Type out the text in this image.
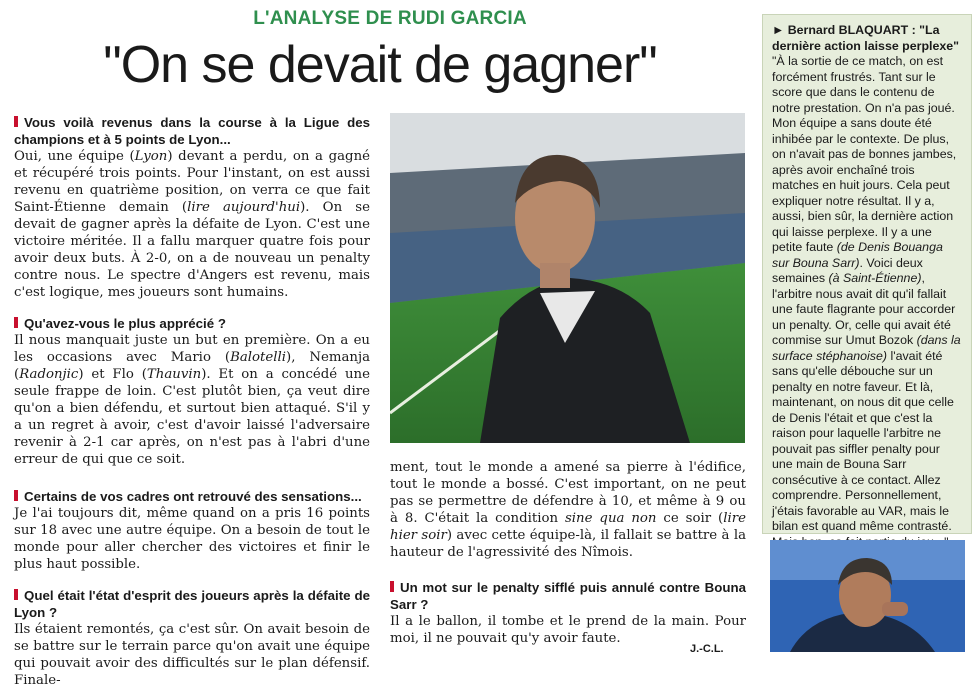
L'ANALYSE DE RUDI GARCIA
"On se devait de gagner"
Vous voilà revenus dans la course à la Ligue des champions et à 5 points de Lyon...

Oui, une équipe (Lyon) devant a perdu, on a gagné et récupéré trois points. Pour l'instant, on est aussi revenu en quatrième position, on verra ce que fait Saint-Étienne demain (lire aujourd'hui). On se devait de gagner après la défaite de Lyon. C'est une victoire méritée. Il a fallu marquer quatre fois pour avoir deux buts. À 2-0, on a de nouveau un penalty contre nous. Le spectre d'Angers est revenu, mais c'est logique, mes joueurs sont humains.

Qu'avez-vous le plus apprécié ?

Il nous manquait juste un but en première. On a eu les occasions avec Mario (Balotelli), Nemanja (Radonjic) et Flo (Thauvin). Et on a concédé une seule frappe de loin. C'est plutôt bien, ça veut dire qu'on a bien défendu, et surtout bien attaqué. S'il y a un regret à avoir, c'est d'avoir laissé l'adversaire revenir à 2-1 car après, on n'est pas à l'abri d'une erreur de qui que ce soit.

Certains de vos cadres ont retrouvé des sensations...

Je l'ai toujours dit, même quand on a pris 16 points sur 18 avec une autre équipe. On a besoin de tout le monde pour aller chercher des victoires et finir le plus haut possible.

Quel était l'état d'esprit des joueurs après la défaite de Lyon ?

Ils étaient remontés, ça c'est sûr. On avait besoin de se battre sur le terrain parce qu'on avait une équipe qui pouvait avoir des difficultés sur le plan défensif. Finale-

ment, tout le monde a amené sa pierre à l'édifice, tout le monde a bossé. C'est important, on ne peut pas se permettre de défendre à 10, et même à 9 ou à 8. C'était la condition sine qua non ce soir (lire hier soir) avec cette équipe-là, il fallait se battre à la hauteur de l'agressivité des Nîmois.

Un mot sur le penalty sifflé puis annulé contre Bouna Sarr ?

Il a le ballon, il tombe et le prend de la main. Pour moi, il ne pouvait qu'y avoir faute.

J.-C.L.
► Bernard BLAQUART : "La dernière action laisse perplexe"

"À la sortie de ce match, on est forcément frustrés. Tant sur le score que dans le contenu de notre prestation. On n'a pas joué. Mon équipe a sans doute été inhibée par le contexte. De plus, on n'avait pas de bonnes jambes, après avoir enchaîné trois matches en huit jours. Cela peut expliquer notre résultat. Il y a, aussi, bien sûr, la dernière action qui laisse perplexe. Il y a une petite faute (de Denis Bouanga sur Bouna Sarr). Voici deux semaines (à Saint-Étienne), l'arbitre nous avait dit qu'il fallait une faute flagrante pour accorder un penalty. Or, celle qui avait été commise sur Umut Bozok (dans la surface stéphanoise) l'avait été sans qu'elle débouche sur un penalty en notre faveur. Et là, maintenant, on nous dit que celle de Denis l'était et que c'est la raison pour laquelle l'arbitre ne pouvait pas siffler penalty pour une main de Bouna Sarr consécutive à ce contact. Allez comprendre. Personnellement, j'étais favorable au VAR, mais le bilan est quand même contrasté.
